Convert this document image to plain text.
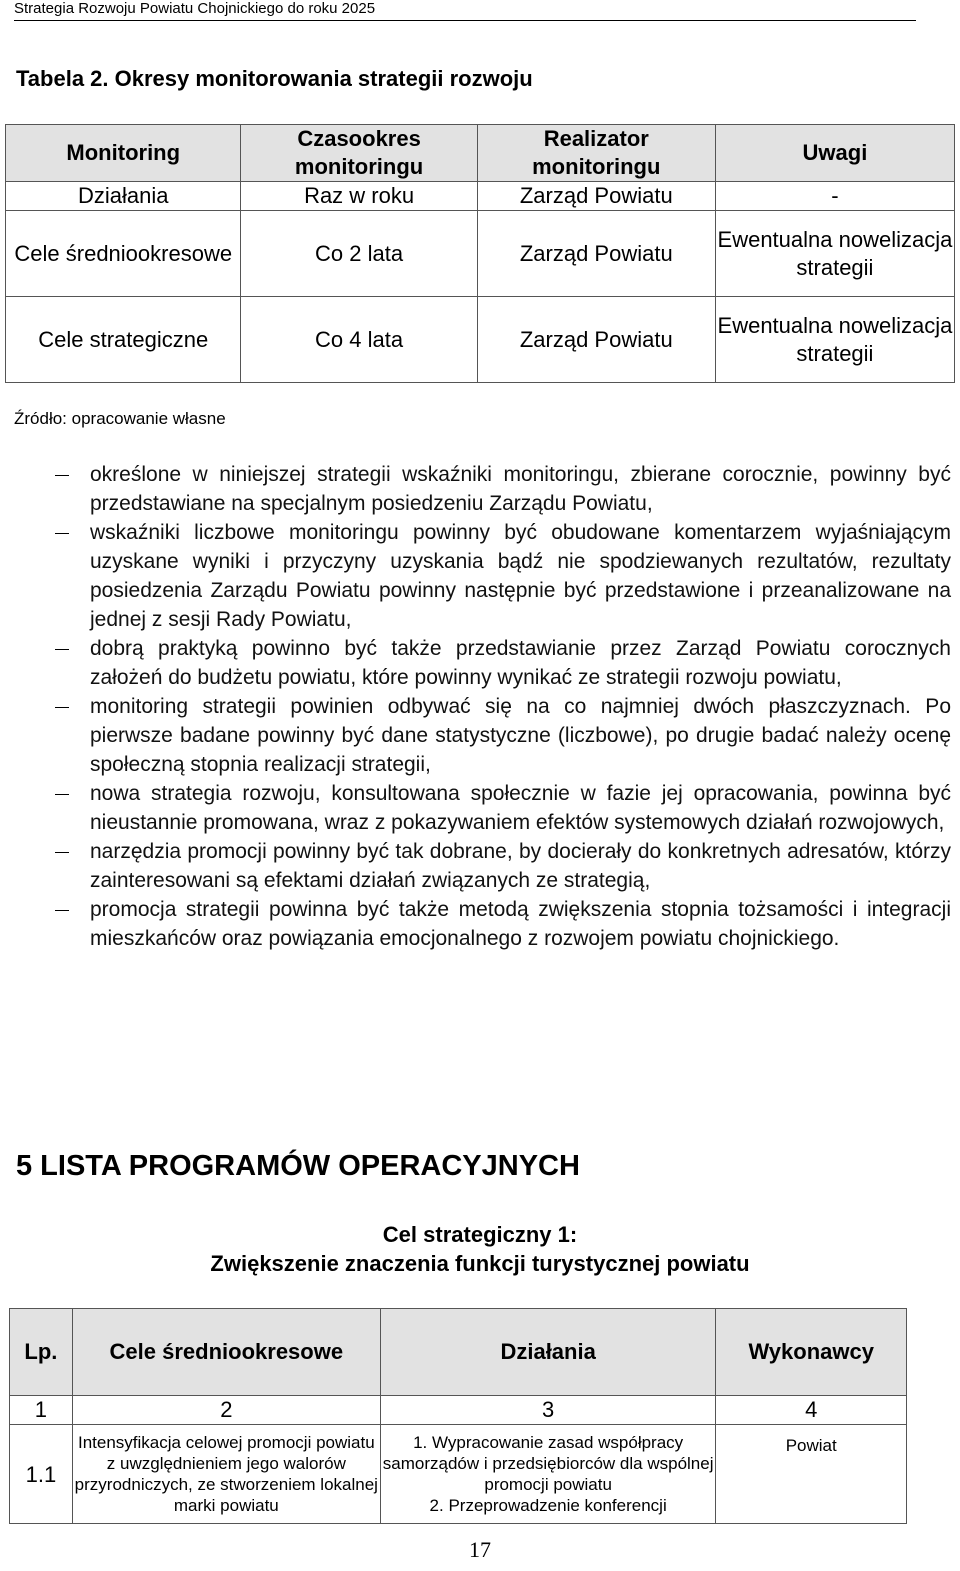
Strategia Rozwoju Powiatu Chojnickiego do roku 2025
Tabela 2. Okresy monitorowania strategii rozwoju
Monitoring	Czasookres monitoringu	Realizator monitoringu	Uwagi
Działania	Raz w roku	Zarząd Powiatu	-
Cele średniookresowe	Co 2 lata	Zarząd Powiatu	Ewentualna nowelizacja strategii
Cele strategiczne	Co 4 lata	Zarząd Powiatu	Ewentualna nowelizacja strategii
Źródło: opracowanie własne
określone w niniejszej strategii wskaźniki monitoringu, zbierane corocznie, powinny być przedstawiane na specjalnym posiedzeniu Zarządu Powiatu,
wskaźniki liczbowe monitoringu powinny być obudowane komentarzem wyjaśniającym uzyskane wyniki i przyczyny uzyskania bądź nie spodziewanych rezultatów, rezultaty posiedzenia Zarządu Powiatu powinny następnie być przedstawione i przeanalizowane na jednej z sesji Rady Powiatu,
dobrą praktyką powinno być także przedstawianie przez Zarząd Powiatu corocznych założeń do budżetu powiatu, które powinny wynikać ze strategii rozwoju powiatu,
monitoring strategii powinien odbywać się na co najmniej dwóch płaszczyznach. Po pierwsze badane powinny być dane statystyczne (liczbowe), po drugie badać należy ocenę społeczną stopnia realizacji strategii,
nowa strategia rozwoju, konsultowana społecznie w fazie jej opracowania, powinna być nieustannie promowana, wraz z pokazywaniem efektów systemowych działań rozwojowych,
narzędzia promocji powinny być tak dobrane, by docierały do konkretnych adresatów, którzy zainteresowani są efektami działań związanych ze strategią,
promocja strategii powinna być także metodą zwiększenia stopnia tożsamości i integracji mieszkańców oraz powiązania emocjonalnego z rozwojem powiatu chojnickiego.
5 LISTA PROGRAMÓW OPERACYJNYCH
Cel strategiczny 1:
Zwiększenie znaczenia funkcji turystycznej powiatu
Lp.	Cele średniookresowe	Działania	Wykonawcy
1	2	3	4
1.1	Intensyfikacja celowej promocji powiatu z uwzględnieniem jego walorów przyrodniczych, ze stworzeniem lokalnej marki powiatu	1. Wypracowanie zasad współpracy samorządów i przedsiębiorców dla wspólnej promocji powiatu
2. Przeprowadzenie konferencji	Powiat
17
